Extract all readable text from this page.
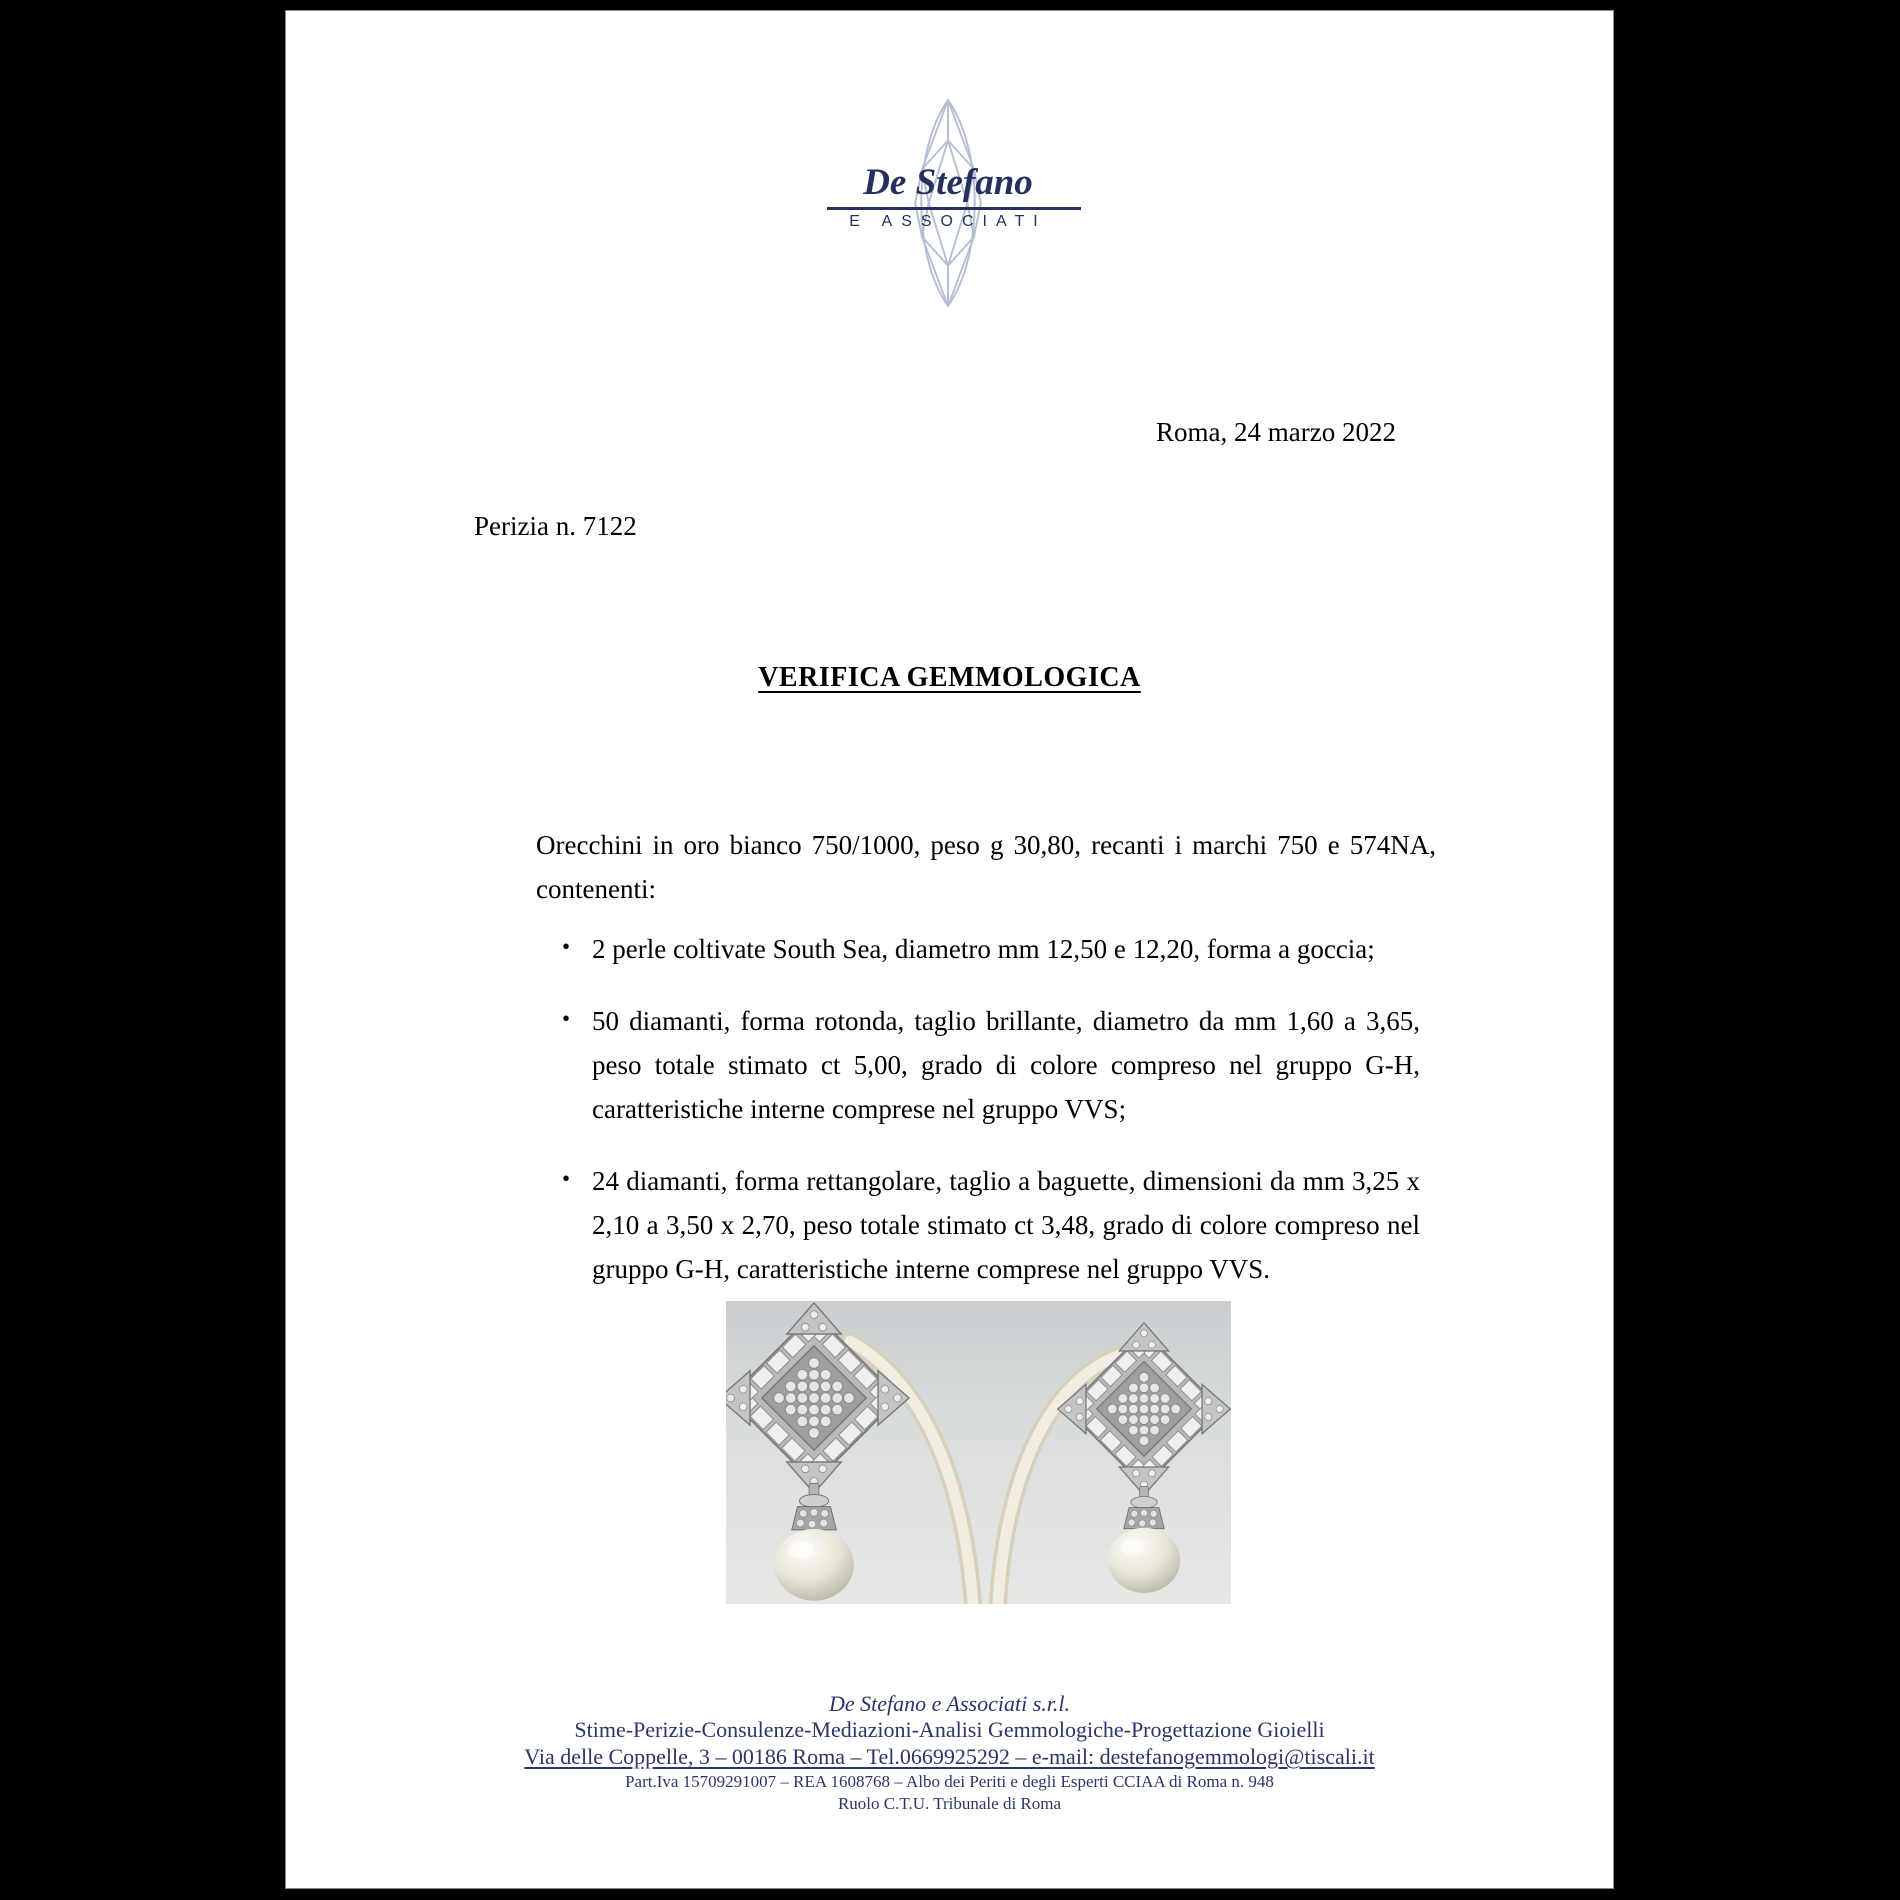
De Stefano
E ASSOCIATI
Roma, 24 marzo 2022
Perizia n. 7122
VERIFICA GEMMOLOGICA
Orecchini in oro bianco 750/1000, peso g 30,80, recanti i marchi 750 e 574NA, contenenti:
• 2 perle coltivate South Sea, diametro mm 12,50 e 12,20, forma a goccia;
• 50 diamanti, forma rotonda, taglio brillante, diametro da mm 1,60 a 3,65, peso totale stimato ct 5,00, grado di colore compreso nel gruppo G-H, caratteristiche interne comprese nel gruppo VVS;
• 24 diamanti, forma rettangolare, taglio a baguette, dimensioni da mm 3,25 x 2,10 a 3,50 x 2,70, peso totale stimato ct 3,48, grado di colore compreso nel gruppo G-H, caratteristiche interne comprese nel gruppo VVS.
De Stefano e Associati s.r.l.
Stime-Perizie-Consulenze-Mediazioni-Analisi Gemmologiche-Progettazione Gioielli
Via delle Coppelle, 3 – 00186 Roma – Tel.0669925292 – e-mail: destefanogemmologi@tiscali.it
Part.Iva 15709291007 – REA 1608768 – Albo dei Periti e degli Esperti CCIAA di Roma n. 948
Ruolo C.T.U. Tribunale di Roma
